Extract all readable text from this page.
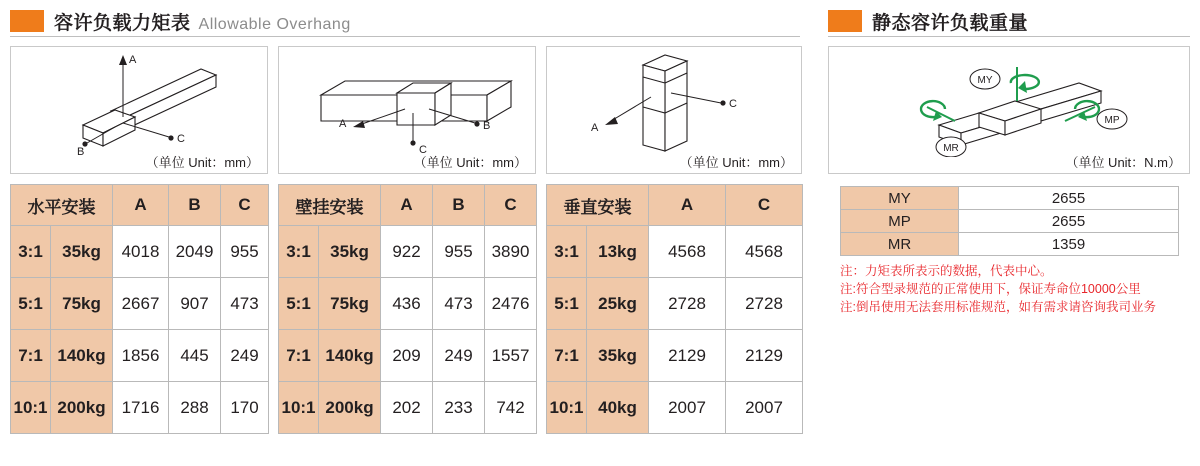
容许负载力矩表 Allowable Overhang	静态容许负载重量
A
C
B
（单位 Unit：mm）
A	B
C
（单位 Unit：mm）
C
A
（单位 Unit：mm）
MY
MP
MR
（单位 Unit：N.m）
水平安装		A	B	C
3:1	35kg	4018	2049	955
5:1	75kg	2667	907	473
7:1	140kg	1856	445	249
10:1	200kg	1716	288	170
壁挂安装		A	B	C
3:1	35kg	922	955	3890
5:1	75kg	436	473	2476
7:1	140kg	209	249	1557
10:1	200kg	202	233	742
垂直安装		A	C
3:1	13kg	4568	4568
5:1	25kg	2728	2728
7:1	35kg	2129	2129
10:1	40kg	2007	2007
MY	2655
MP	2655
MR	1359
注：力矩表所表示的数据，代表中心。
注:符合型录规范的正常使用下，保证寿命位10000公里
注:倒吊使用无法套用标准规范，如有需求请咨询我司业务
